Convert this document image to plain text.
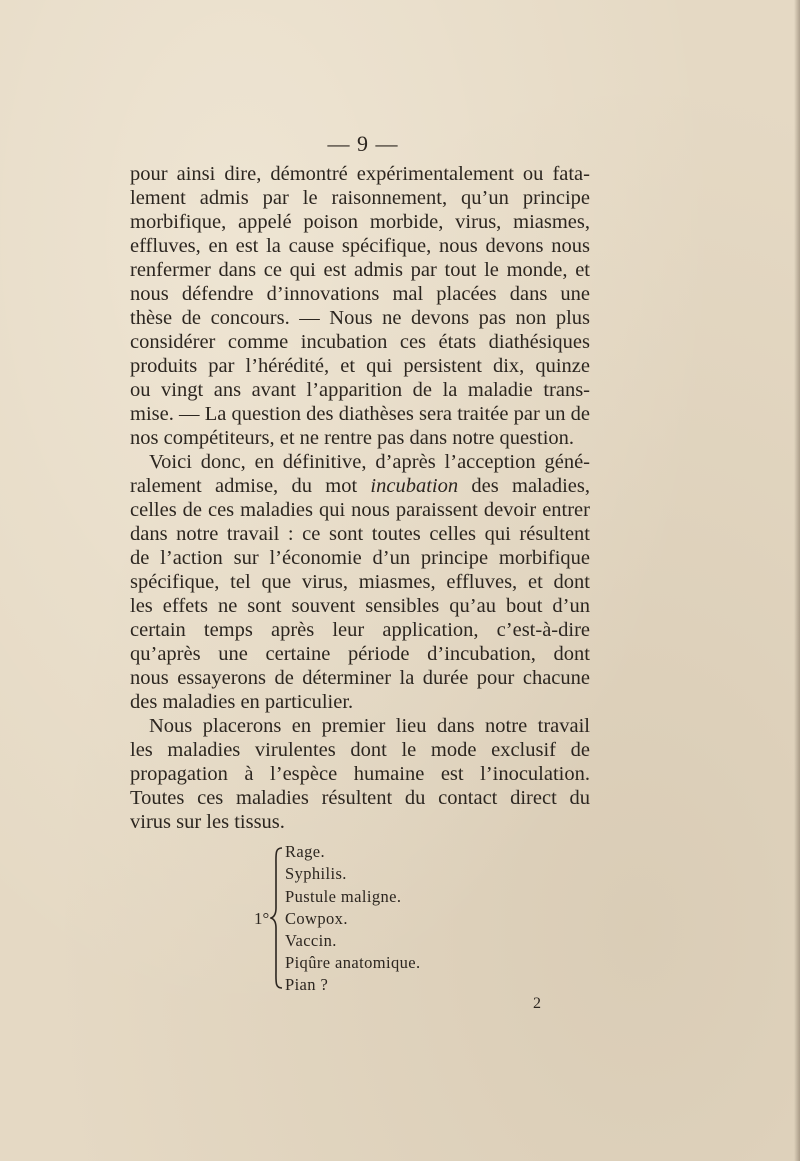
— 9 —
pour ainsi dire, démontré expérimentalement ou fata-
lement admis par le raisonnement, qu’un principe
morbifique, appelé poison morbide, virus, miasmes,
effluves, en est la cause spécifique, nous devons nous
renfermer dans ce qui est admis par tout le monde, et
nous défendre d’innovations mal placées dans une
thèse de concours. — Nous ne devons pas non plus
considérer comme incubation ces états diathésiques
produits par l’hérédité, et qui persistent dix, quinze
ou vingt ans avant l’apparition de la maladie trans-
mise. — La question des diathèses sera traitée par un de
nos compétiteurs, et ne rentre pas dans notre question.
Voici donc, en définitive, d’après l’acception géné-
ralement admise, du mot incubation des maladies,
celles de ces maladies qui nous paraissent devoir entrer
dans notre travail : ce sont toutes celles qui résultent
de l’action sur l’économie d’un principe morbifique
spécifique, tel que virus, miasmes, effluves, et dont
les effets ne sont souvent sensibles qu’au bout d’un
certain temps après leur application, c’est-à-dire
qu’après une certaine période d’incubation, dont
nous essayerons de déterminer la durée pour chacune
des maladies en particulier.
Nous placerons en premier lieu dans notre travail
les maladies virulentes dont le mode exclusif de
propagation à l’espèce humaine est l’inoculation.
Toutes ces maladies résultent du contact direct du
virus sur les tissus.
1°
Rage.
Syphilis.
Pustule maligne.
Cowpox.
Vaccin.
Piqûre anatomique.
Pian ?
2
